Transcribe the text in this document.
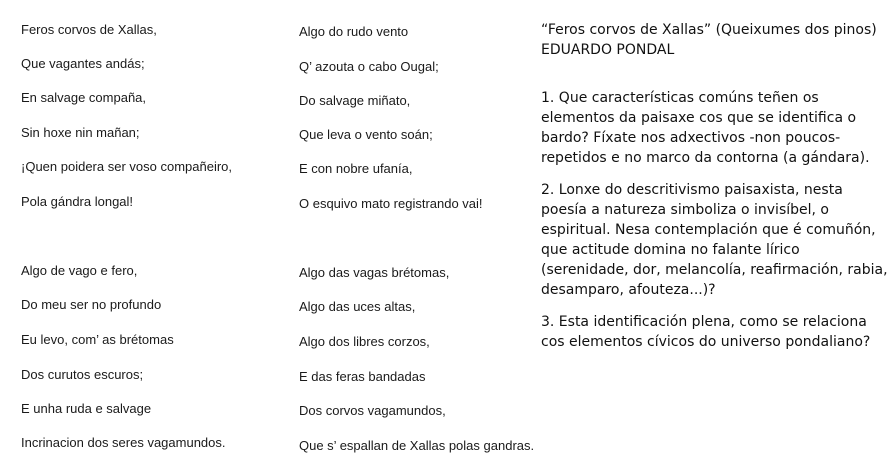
Feros corvos de Xallas,
Que vagantes andás;
En salvage compaña,
Sin hoxe nin mañan;
¡Quen poidera ser voso compañeiro,
Pola gándra longal!
Algo de vago e fero,
Do meu ser no profundo
Eu levo, com’ as brétomas
Dos curutos escuros;
E unha ruda e salvage
Incrinacion dos seres vagamundos.
Algo do rudo vento
Q’ azouta o cabo Ougal;
Do salvage miñato,
Que leva o vento soán;
E con nobre ufanía,
O esquivo mato registrando vai!
Algo das vagas brétomas,
Algo das uces altas,
Algo dos libres corzos,
E das feras bandadas
Dos corvos vagamundos,
Que s’ espallan de Xallas polas gandras.

“Feros corvos de Xallas” (Queixumes dos pinos)

EDUARDO PONDAL

1. Que características comúns teñen os elementos da paisaxe cos que se identifica o bardo? Fíxate nos adxectivos -non poucos- repetidos e no marco da contorna (a gándara).

2. Lonxe do descritivismo paisaxista, nesta poesía a natureza simboliza o invisíbel, o espiritual. Nesa contemplación que é comuñón, que actitude domina no falante lírico (serenidade, dor, melancolía, reafirmación, rabia, desamparo, afouteza...)?

3. Esta identificación plena, como se relaciona cos elementos cívicos do universo pondaliano?
